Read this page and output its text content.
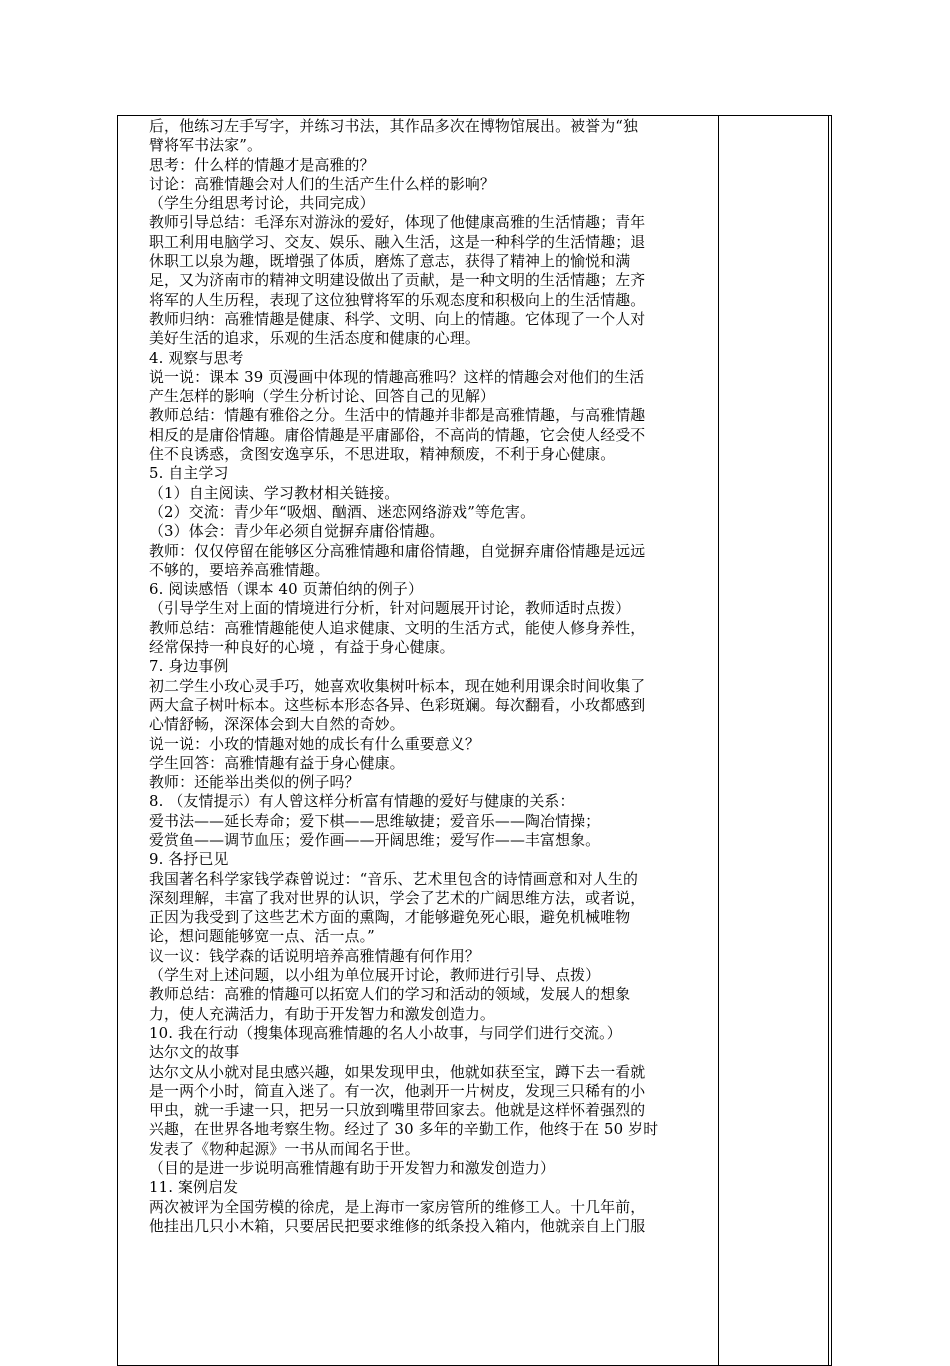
后，他练习左手写字，并练习书法，其作品多次在博物馆展出。被誉为“独
臂将军书法家”。
思考：什么样的情趣才是高雅的？
讨论：高雅情趣会对人们的生活产生什么样的影响？
（学生分组思考讨论，共同完成）
教师引导总结：毛泽东对游泳的爱好，体现了他健康高雅的生活情趣；青年
职工利用电脑学习、交友、娱乐、融入生活，这是一种科学的生活情趣；退
休职工以泉为趣，既增强了体质，磨炼了意志，获得了精神上的愉悦和满
足，又为济南市的精神文明建设做出了贡献，是一种文明的生活情趣；左齐
将军的人生历程，表现了这位独臂将军的乐观态度和积极向上的生活情趣。
教师归纳：高雅情趣是健康、科学、文明、向上的情趣。它体现了一个人对
美好生活的追求，乐观的生活态度和健康的心理。
4. 观察与思考
说一说：课本 39 页漫画中体现的情趣高雅吗？这样的情趣会对他们的生活
产生怎样的影响（学生分析讨论、回答自己的见解）
教师总结：情趣有雅俗之分。生活中的情趣并非都是高雅情趣，与高雅情趣
相反的是庸俗情趣。庸俗情趣是平庸鄙俗，不高尚的情趣，它会使人经受不
住不良诱惑，贪图安逸享乐，不思进取，精神颓废，不利于身心健康。
5. 自主学习
（1）自主阅读、学习教材相关链接。
（2）交流：青少年“吸烟、酗酒、迷恋网络游戏”等危害。
（3）体会：青少年必须自觉摒弃庸俗情趣。
教师：仅仅停留在能够区分高雅情趣和庸俗情趣，自觉摒弃庸俗情趣是远远
不够的，要培养高雅情趣。
6. 阅读感悟（课本 40 页萧伯纳的例子）
（引导学生对上面的情境进行分析，针对问题展开讨论，教师适时点拨）
教师总结：高雅情趣能使人追求健康、文明的生活方式，能使人修身养性，
经常保持一种良好的心境 ，有益于身心健康。
7. 身边事例
初二学生小玫心灵手巧，她喜欢收集树叶标本，现在她利用课余时间收集了
两大盒子树叶标本。这些标本形态各异、色彩斑斓。每次翻看，小玫都感到
心情舒畅，深深体会到大自然的奇妙。
说一说：小玫的情趣对她的成长有什么重要意义？
学生回答：高雅情趣有益于身心健康。
教师：还能举出类似的例子吗？
8. （友情提示）有人曾这样分析富有情趣的爱好与健康的关系：
爱书法——延长寿命；爱下棋——思维敏捷；爱音乐——陶冶情操；
爱赏鱼——调节血压；爱作画——开阔思维；爱写作——丰富想象。
9. 各抒已见
我国著名科学家钱学森曾说过：“音乐、艺术里包含的诗情画意和对人生的
深刻理解，丰富了我对世界的认识，学会了艺术的广阔思维方法，或者说，
正因为我受到了这些艺术方面的熏陶，才能够避免死心眼，避免机械唯物
论，想问题能够宽一点、活一点。”
议一议：钱学森的话说明培养高雅情趣有何作用？
（学生对上述问题，以小组为单位展开讨论，教师进行引导、点拨）
教师总结：高雅的情趣可以拓宽人们的学习和活动的领域，发展人的想象
力，使人充满活力，有助于开发智力和激发创造力。
10. 我在行动（搜集体现高雅情趣的名人小故事，与同学们进行交流。）
达尔文的故事
达尔文从小就对昆虫感兴趣，如果发现甲虫，他就如获至宝，蹲下去一看就
是一两个小时，简直入迷了。有一次，他剥开一片树皮，发现三只稀有的小
甲虫，就一手逮一只，把另一只放到嘴里带回家去。他就是这样怀着强烈的
兴趣，在世界各地考察生物。经过了 30 多年的辛勤工作，他终于在 50 岁时
发表了《物种起源》一书从而闻名于世。
（目的是进一步说明高雅情趣有助于开发智力和激发创造力）
11. 案例启发
两次被评为全国劳模的徐虎，是上海市一家房管所的维修工人。十几年前，
他挂出几只小木箱，只要居民把要求维修的纸条投入箱内，他就亲自上门服
